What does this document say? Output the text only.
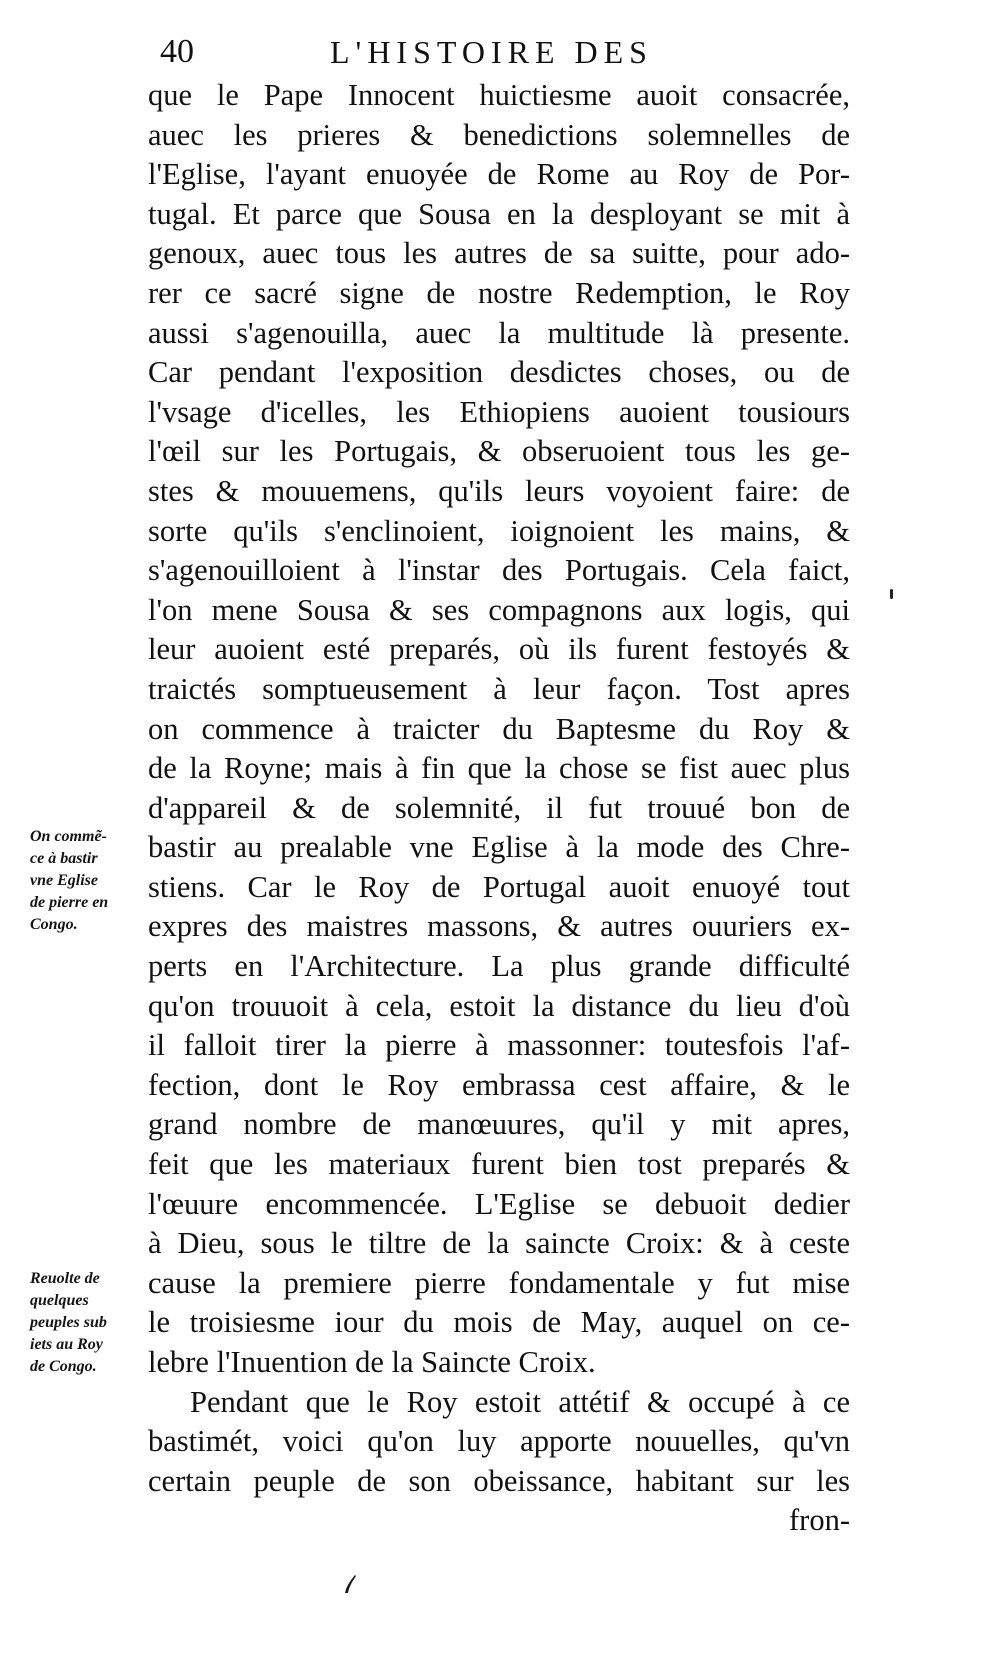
40	L'HISTOIRE DES
que le Pape Innocent huictiesme auoit consacrée,
auec les prieres & benedictions solemnelles de
l'Eglise, l'ayant enuoyée de Rome au Roy de Por-
tugal. Et parce que Sousa en la desployant se mit à
genoux, auec tous les autres de sa suitte, pour ado-
rer ce sacré signe de nostre Redemption, le Roy
aussi s'agenouilla, auec la multitude là presente.
Car pendant l'exposition desdictes choses, ou de
l'vsage d'icelles, les Ethiopiens auoient tousiours
l'œil sur les Portugais, & obseruoient tous les ge-
stes & mouuemens, qu'ils leurs voyoient faire: de
sorte qu'ils s'enclinoient, ioignoient les mains, &
s'agenouilloient à l'instar des Portugais. Cela faict,
l'on mene Sousa & ses compagnons aux logis, qui
leur auoient esté preparés, où ils furent festoyés &
traictés somptueusement à leur façon. Tost apres
on commence à traicter du Baptesme du Roy &
de la Royne; mais à fin que la chose se fist auec plus
d'appareil & de solemnité, il fut trouué bon de
bastir au prealable vne Eglise à la mode des Chre-
stiens. Car le Roy de Portugal auoit enuoyé tout
expres des maistres massons, & autres ouuriers ex-
perts en l'Architecture. La plus grande difficulté
qu'on trouuoit à cela, estoit la distance du lieu d'où
il falloit tirer la pierre à massonner: toutesfois l'af-
fection, dont le Roy embrassa cest affaire, & le
grand nombre de manœuures, qu'il y mit apres,
feit que les materiaux furent bien tost preparés &
l'œuure encommencée. L'Eglise se debuoit dedier
à Dieu, sous le tiltre de la saincte Croix: & à ceste
cause la premiere pierre fondamentale y fut mise
le troisiesme iour du mois de May, auquel on ce-
lebre l'Inuention de la Saincte Croix.
Pendant que le Roy estoit attétif & occupé à ce
bastimét, voici qu'on luy apporte nouuelles, qu'vn
certain peuple de son obeissance, habitant sur les
fron-
On commẽ-
ce à bastir
vne Eglise
de pierre en
Congo.
Reuolte de
quelques
peuples sub
iets au Roy
de Congo.
